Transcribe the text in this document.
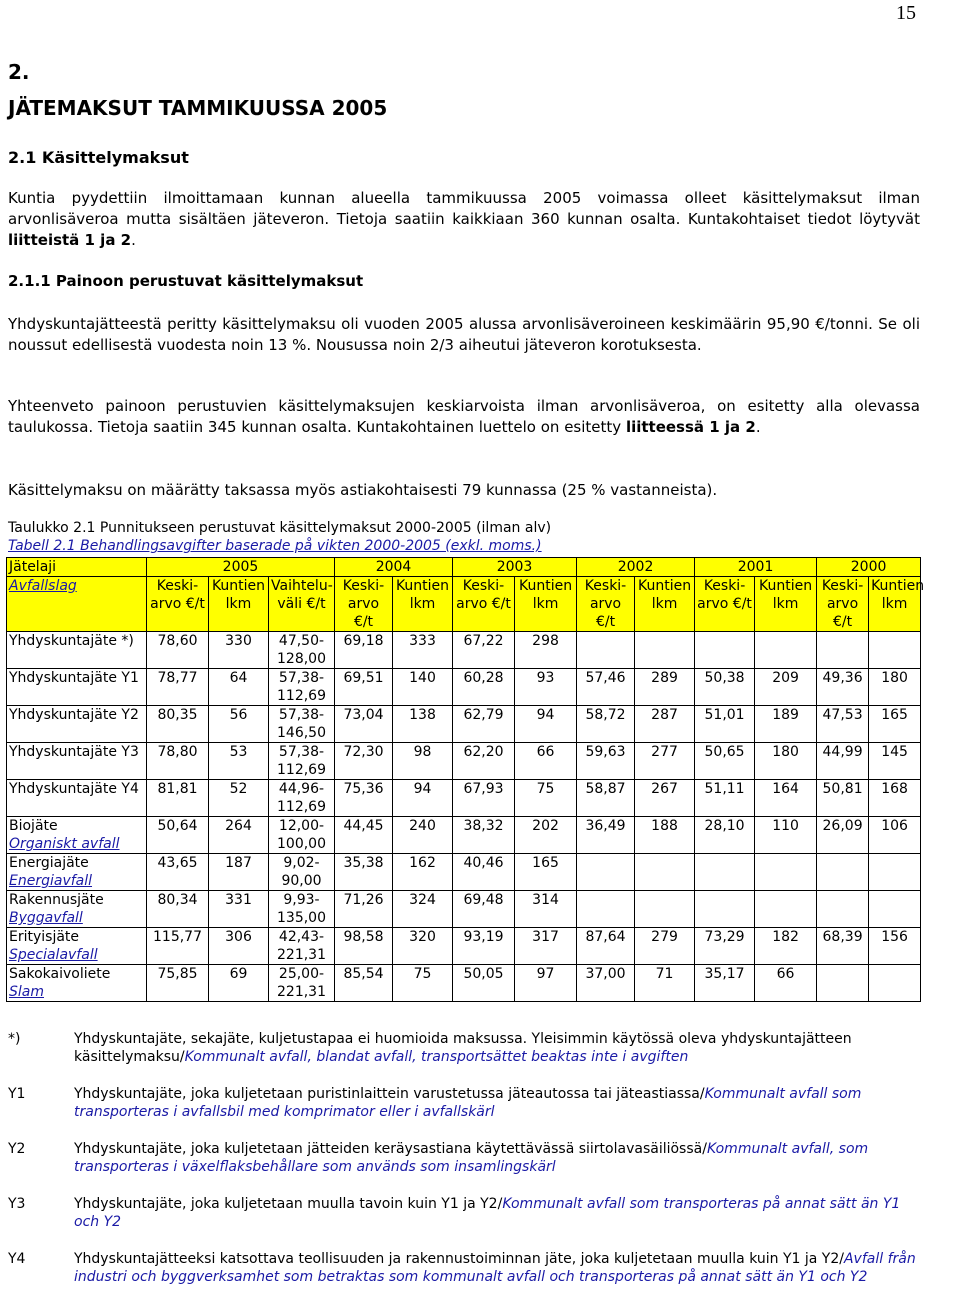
15
2.
JÄTEMAKSUT TAMMIKUUSSA 2005
2.1 Käsittelymaksut

Kuntia pyydettiin ilmoittamaan kunnan alueella tammikuussa 2005 voimassa olleet käsittelymaksut ilman arvonlisäveroa mutta sisältäen jäteveron. Tietoja saatiin kaikkiaan 360 kunnan osalta. Kuntakohtaiset tiedot löytyvät liitteistä 1 ja 2.

2.1.1 Painoon perustuvat käsittelymaksut

Yhdyskuntajätteestä peritty käsittelymaksu oli vuoden 2005 alussa arvonlisäveroineen keskimäärin 95,90 €/tonni. Se oli noussut edellisestä vuodesta noin 13 %. Nousussa noin 2/3 aiheutui jäteveron korotuksesta.

Yhteenveto painoon perustuvien käsittelymaksujen keskiarvoista ilman arvonlisäveroa, on esitetty alla olevassa taulukossa. Tietoja saatiin 345 kunnan osalta. Kuntakohtainen luettelo on esitetty liitteessä 1 ja 2.

Käsittelymaksu on määrätty taksassa myös astiakohtaisesti 79 kunnassa (25 % vastanneista).

Taulukko 2.1 Punnitukseen perustuvat käsittelymaksut 2000-2005 (ilman alv)
Tabell 2.1 Behandlingsavgifter baserade på vikten 2000-2005 (exkl. moms.)
Jätelaji	2005			2004		2003		2002		2001		2000	
Avfallslag	Keski-arvo €/t	Kuntien lkm	Vaihtelu-väli €/t	Keski-arvo €/t	Kuntien lkm	Keski-arvo €/t	Kuntien lkm	Keski-arvo €/t	Kuntien lkm	Keski-arvo €/t	Kuntien lkm	Keski-arvo €/t	Kuntien lkm
Yhdyskuntajäte *)	78,60	330	47,50-128,00	69,18	333	67,22	298						
Yhdyskuntajäte Y1	78,77	64	57,38-112,69	69,51	140	60,28	93	57,46	289	50,38	209	49,36	180
Yhdyskuntajäte Y2	80,35	56	57,38-146,50	73,04	138	62,79	94	58,72	287	51,01	189	47,53	165
Yhdyskuntajäte Y3	78,80	53	57,38-112,69	72,30	98	62,20	66	59,63	277	50,65	180	44,99	145
Yhdyskuntajäte Y4	81,81	52	44,96-112,69	75,36	94	67,93	75	58,87	267	51,11	164	50,81	168
Biojäte
Organiskt avfall	50,64	264	12,00-100,00	44,45	240	38,32	202	36,49	188	28,10	110	26,09	106
Energiajäte
Energiavfall	43,65	187	9,02-90,00	35,38	162	40,46	165						
Rakennusjäte
Byggavfall	80,34	331	9,93-135,00	71,26	324	69,48	314						
Erityisjäte
Specialavfall	115,77	306	42,43-221,31	98,58	320	93,19	317	87,64	279	73,29	182	68,39	156
Sakokaivoliete
Slam	75,85	69	25,00-221,31	85,54	75	50,05	97	37,00	71	35,17	66		
*)	Yhdyskuntajäte, sekajäte, kuljetustapaa ei huomioida maksussa. Yleisimmin käytössä oleva yhdyskuntajätteen käsittelymaksu/Kommunalt avfall, blandat avfall, transportsättet beaktas inte i avgiften
Y1	Yhdyskuntajäte, joka kuljetetaan puristinlaittein varustetussa jäteautossa tai jäteastiassa/Kommunalt avfall som transporteras i avfallsbil med komprimator eller i avfallskärl
Y2	Yhdyskuntajäte, joka kuljetetaan jätteiden keräysastiana käytettävässä siirtolavasäiliössä/Kommunalt avfall, som transporteras i växelflaksbehållare som används som insamlingskärl
Y3	Yhdyskuntajäte, joka kuljetetaan muulla tavoin kuin Y1 ja Y2/Kommunalt avfall som transporteras på annat sätt än Y1 och Y2
Y4	Yhdyskuntajätteeksi katsottava teollisuuden ja rakennustoiminnan jäte, joka kuljetetaan muulla kuin Y1 ja Y2/Avfall från industri och byggverksamhet som betraktas som kommunalt avfall och transporteras på annat sätt än Y1 och Y2
